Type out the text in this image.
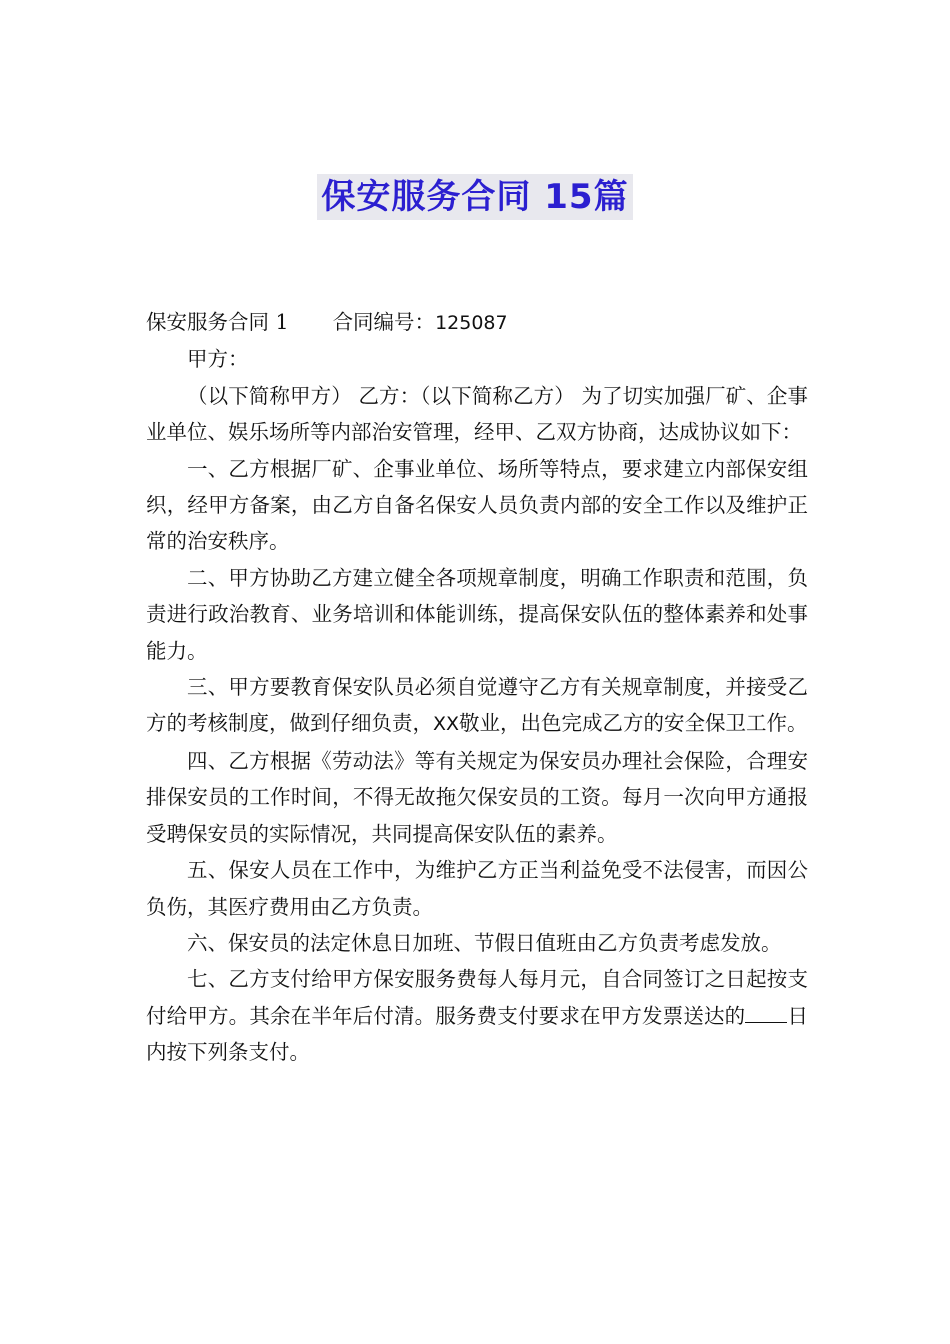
保安服务合同 15篇
保安服务合同 1 合同编号：125087

甲方：

（以下简称甲方） 乙方：（以下简称乙方） 为了切实加强厂矿、企事业单位、娱乐场所等内部治安管理，经甲、乙双方协商，达成协议如下：

一、乙方根据厂矿、企事业单位、场所等特点，要求建立内部保安组织，经甲方备案，由乙方自备名保安人员负责内部的安全工作以及维护正常的治安秩序。

二、甲方协助乙方建立健全各项规章制度，明确工作职责和范围，负责进行政治教育、业务培训和体能训练，提高保安队伍的整体素养和处事能力。

三、甲方要教育保安队员必须自觉遵守乙方有关规章制度，并接受乙方的考核制度，做到仔细负责，XX敬业，出色完成乙方的安全保卫工作。

四、乙方根据《劳动法》等有关规定为保安员办理社会保险，合理安排保安员的工作时间，不得无故拖欠保安员的工资。每月一次向甲方通报受聘保安员的实际情况，共同提高保安队伍的素养。

五、保安人员在工作中，为维护乙方正当利益免受不法侵害，而因公负伤，其医疗费用由乙方负责。

六、保安员的法定休息日加班、节假日值班由乙方负责考虑发放。

七、乙方支付给甲方保安服务费每人每月元，自合同签订之日起按支付给甲方。其余在半年后付清。服务费支付要求在甲方发票送达的 日内按下列条支付。
